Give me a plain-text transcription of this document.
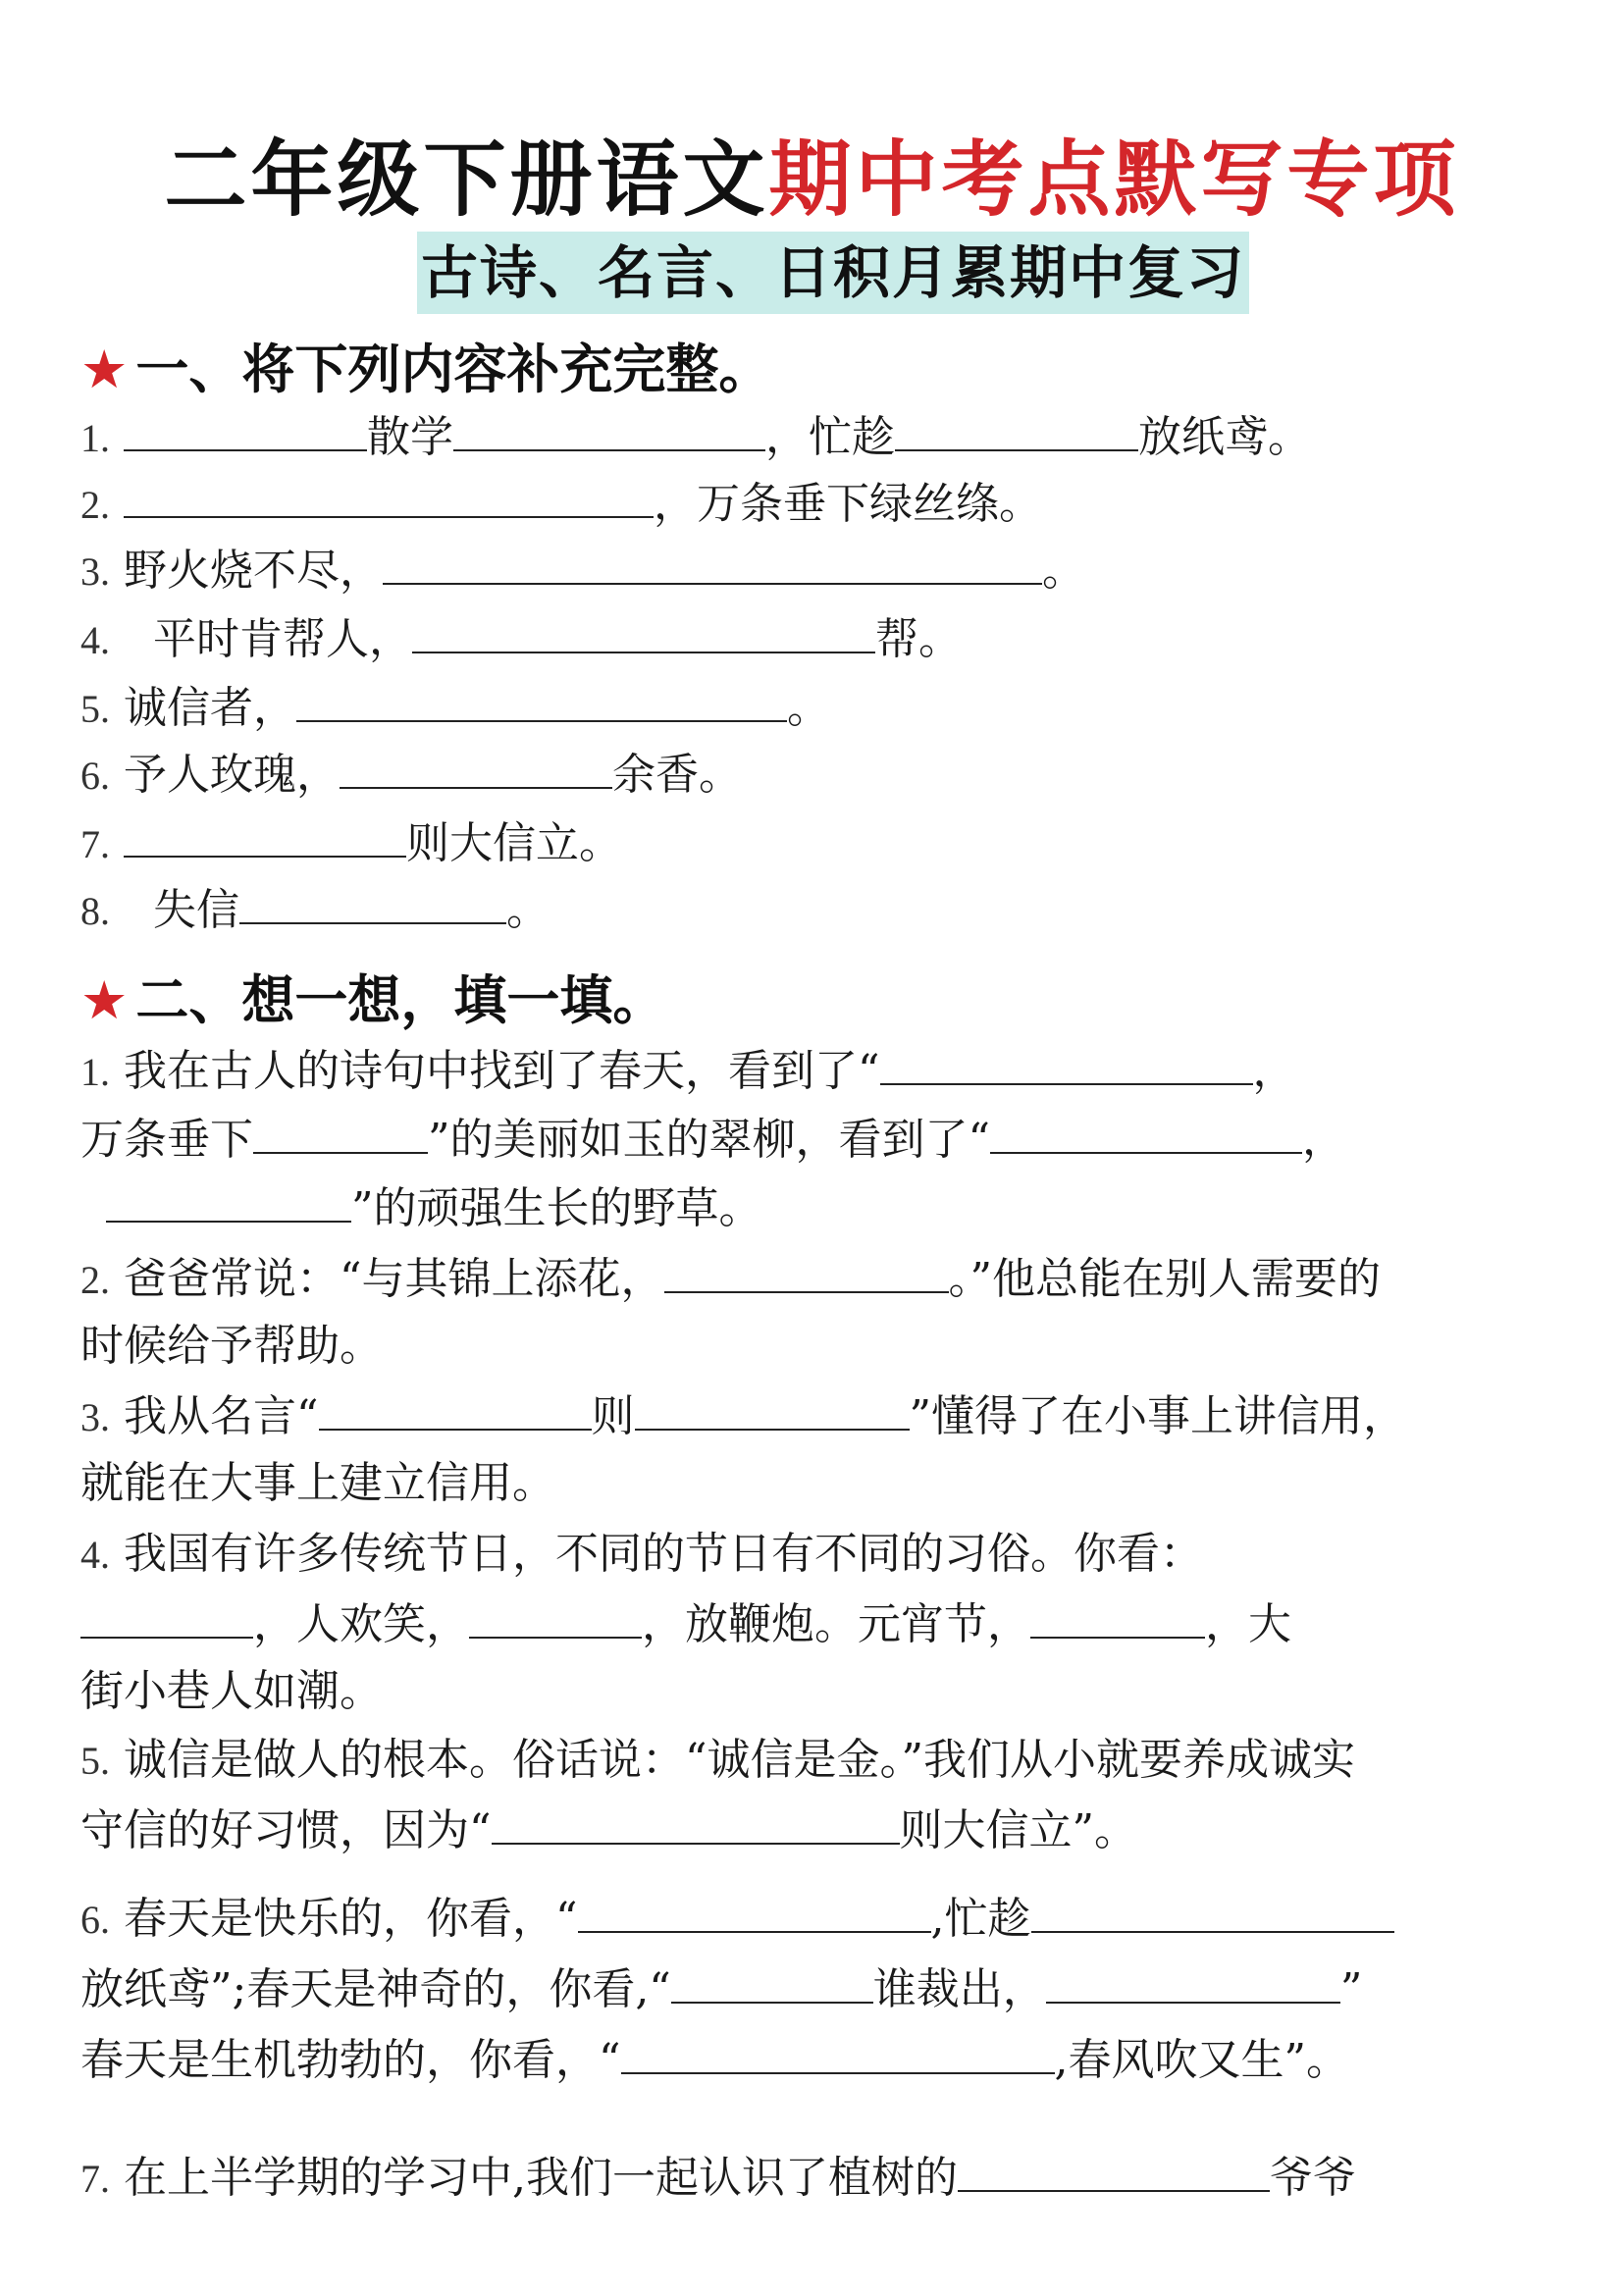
二年级下册语文期中考点默写专项
古诗、名言、日积月累期中复习
★ 一、将下列内容补充完整。
1.	散学	，忙趁	放纸鸢。
2.	，万条垂下绿丝绦。
3. 野火烧不尽，	。
4. 平时肯帮人，	帮。
5. 诚信者，	。
6. 予人玫瑰，	余香。
7.	则大信立。
8. 失信	。
★ 二、想一想，填一填。
1. 我在古人的诗句中找到了春天，看到了“	，
万条垂下	”的美丽如玉的翠柳，看到了“	，
”的顽强生长的野草。
2. 爸爸常说：“与其锦上添花，	。”他总能在别人需要的
时候给予帮助。
3. 我从名言“	则	”懂得了在小事上讲信用，
就能在大事上建立信用。
4. 我国有许多传统节日，不同的节日有不同的习俗。你看：
，人欢笑，	，放鞭炮。元宵节，	，大
街小巷人如潮。
5. 诚信是做人的根本。俗话说：“诚信是金。”我们从小就要养成诚实
守信的好习惯，因为“	则大信立”。
6. 春天是快乐的，你看，“	,忙趁
放纸鸢”;春天是神奇的，你看,“	谁裁出，	”
春天是生机勃勃的，你看，“	,春风吹又生”。
7. 在上半学期的学习中,我们一起认识了植树的	爷爷
